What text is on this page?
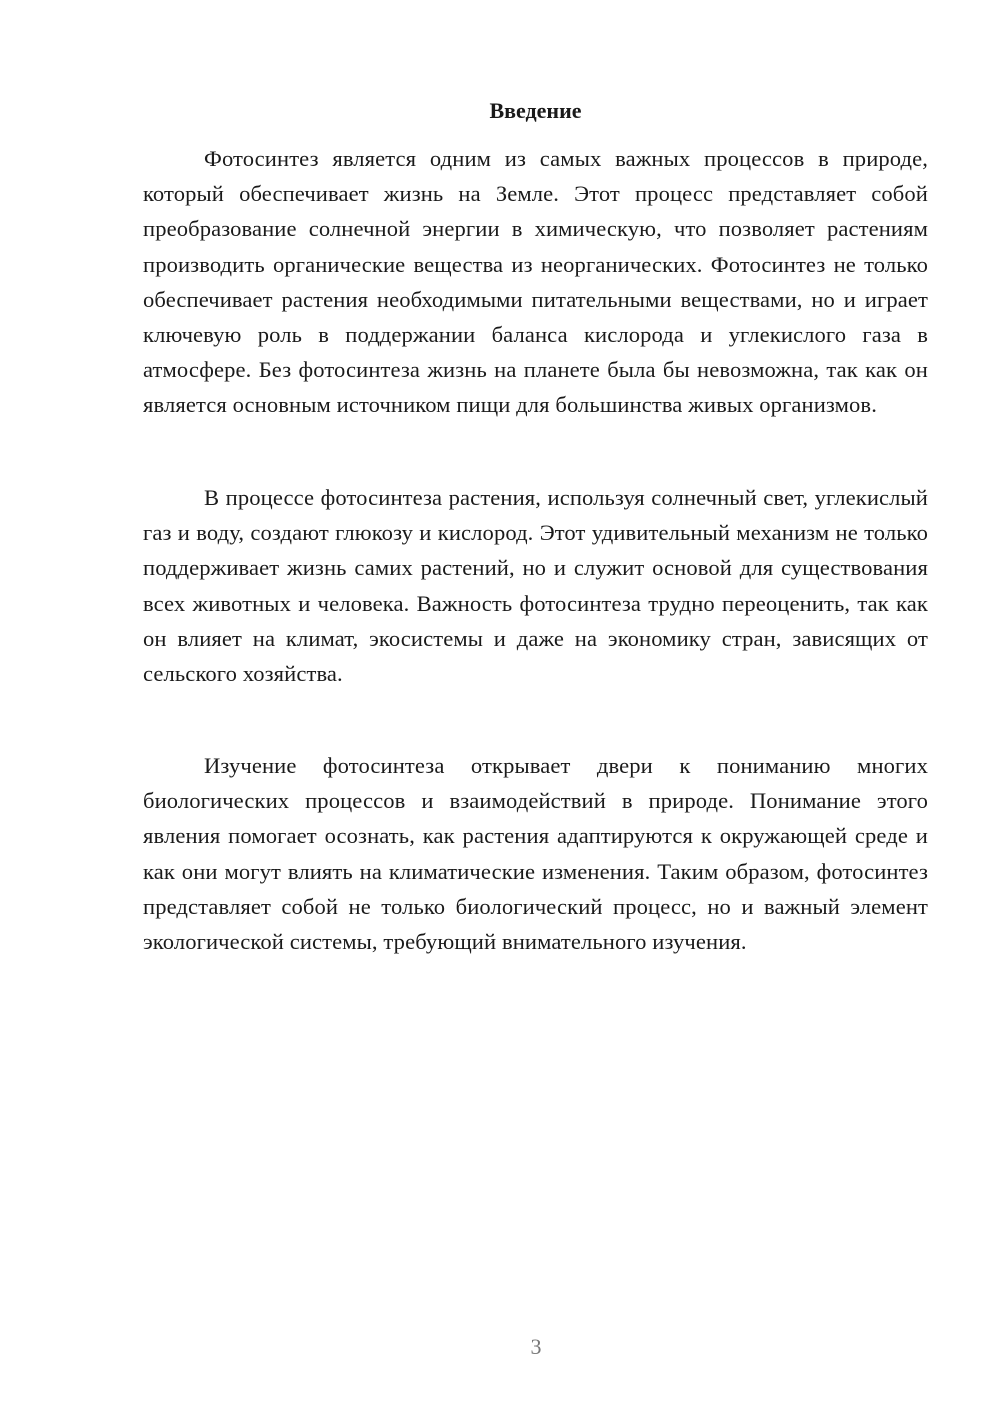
Введение

Фотосинтез является одним из самых важных процессов в природе, который обеспечивает жизнь на Земле. Этот процесс представляет собой преобразование солнечной энергии в химическую, что позволяет растениям производить органические вещества из неорганических. Фотосинтез не только обеспечивает растения необходимыми питательными веществами, но и играет ключевую роль в поддержании баланса кислорода и углекислого газа в атмосфере. Без фотосинтеза жизнь на планете была бы невозможна, так как он является основным источником пищи для большинства живых организмов.

В процессе фотосинтеза растения, используя солнечный свет, углекислый газ и воду, создают глюкозу и кислород. Этот удивительный механизм не только поддерживает жизнь самих растений, но и служит основой для существования всех животных и человека. Важность фотосинтеза трудно переоценить, так как он влияет на климат, экосистемы и даже на экономику стран, зависящих от сельского хозяйства.

Изучение фотосинтеза открывает двери к пониманию многих биологических процессов и взаимодействий в природе. Понимание этого явления помогает осознать, как растения адаптируются к окружающей среде и как они могут влиять на климатические изменения. Таким образом, фотосинтез представляет собой не только биологический процесс, но и важный элемент экологической системы, требующий внимательного изучения.

3
